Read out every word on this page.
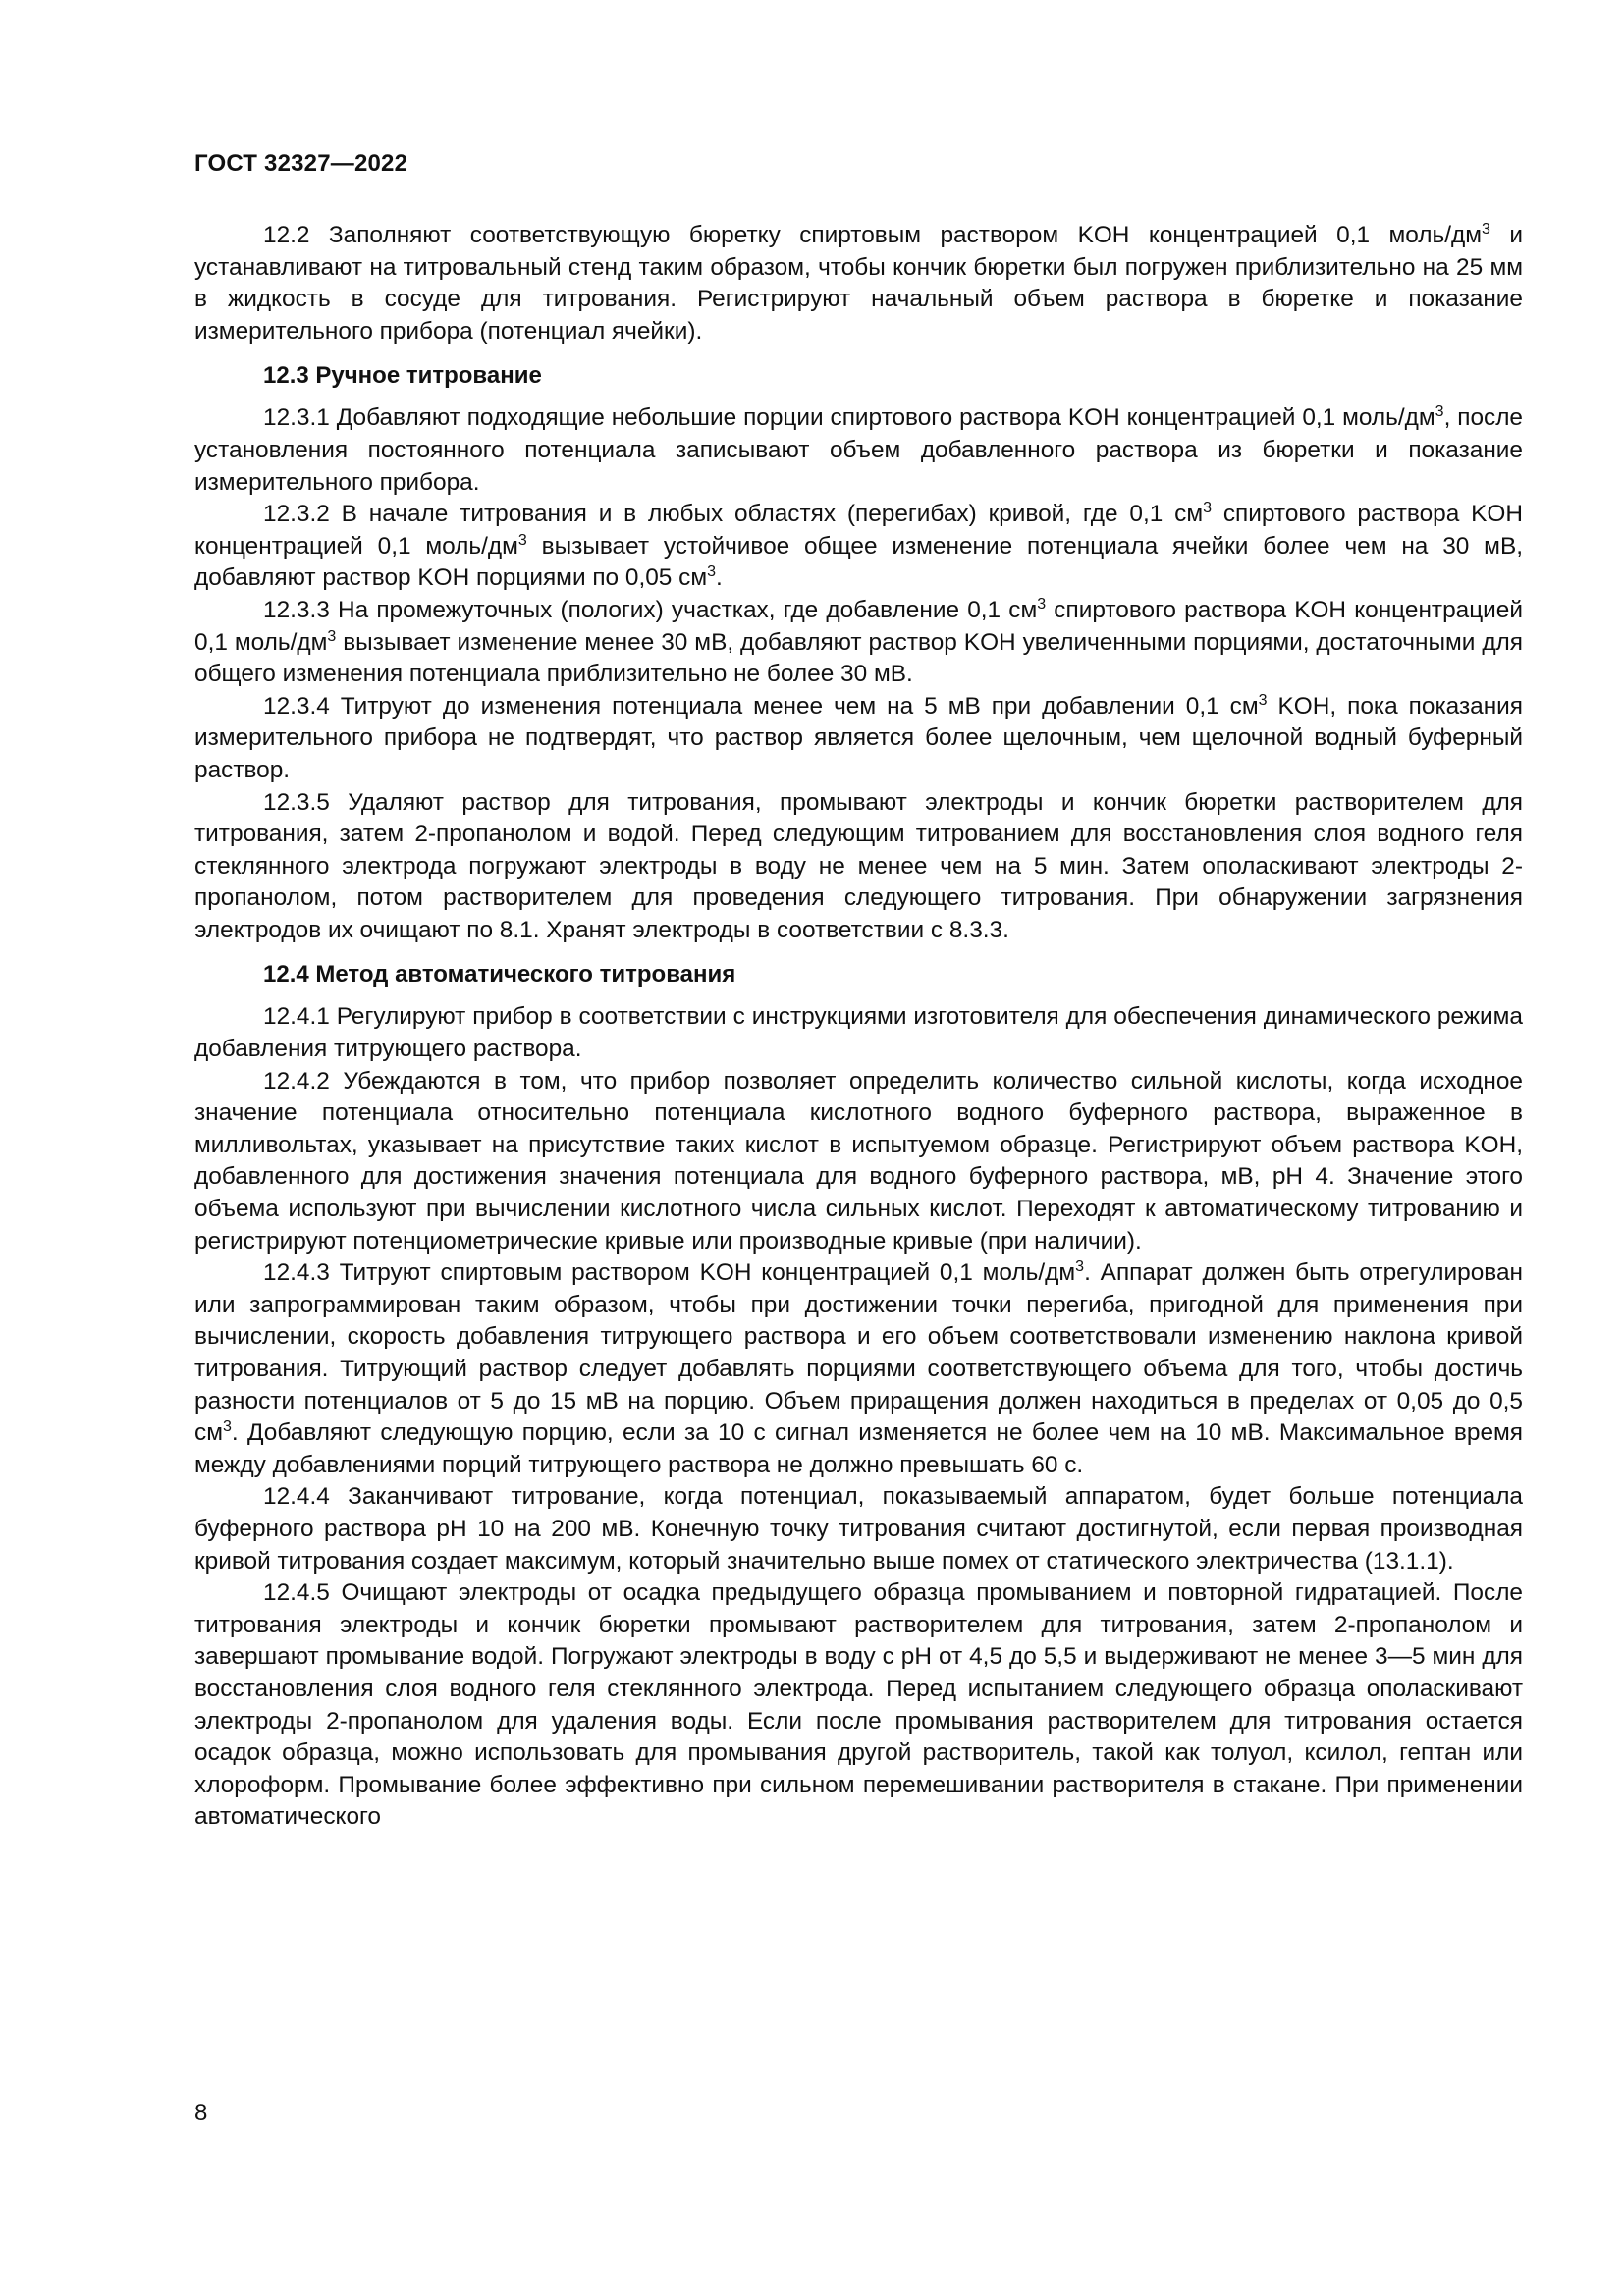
ГОСТ 32327—2022

12.2 Заполняют соответствующую бюретку спиртовым раствором KOH концентрацией 0,1 моль/$дм^3$ и устанавливают на титровальный стенд таким образом, чтобы кончик бюретки был погружен приблизительно на 25 мм в жидкость в сосуде для титрования. Регистрируют начальный объем раствора в бюретке и показание измерительного прибора (потенциал ячейки).

12.3 Ручное титрование

12.3.1 Добавляют подходящие небольшие порции спиртового раствора KOH концентрацией 0,1 моль/$дм^3$, после установления постоянного потенциала записывают объем добавленного раствора из бюретки и показание измерительного прибора.

12.3.2 В начале титрования и в любых областях (перегибах) кривой, где 0,1 $см^3$ спиртового раствора KOH концентрацией 0,1 моль/$дм^3$ вызывает устойчивое общее изменение потенциала ячейки более чем на 30 мВ, добавляют раствор KOH порциями по 0,05 $см^3$.

12.3.3 На промежуточных (пологих) участках, где добавление 0,1 $см^3$ спиртового раствора KOH концентрацией 0,1 моль/$дм^3$ вызывает изменение менее 30 мВ, добавляют раствор KOH увеличенными порциями, достаточными для общего изменения потенциала приблизительно не более 30 мВ.

12.3.4 Титруют до изменения потенциала менее чем на 5 мВ при добавлении 0,1 $см^3$ KOH, пока показания измерительного прибора не подтвердят, что раствор является более щелочным, чем щелочной водный буферный раствор.

12.3.5 Удаляют раствор для титрования, промывают электроды и кончик бюретки растворителем для титрования, затем 2-пропанолом и водой. Перед следующим титрованием для восстановления слоя водного геля стеклянного электрода погружают электроды в воду не менее чем на 5 мин. Затем ополаскивают электроды 2-пропанолом, потом растворителем для проведения следующего титрования. При обнаружении загрязнения электродов их очищают по 8.1. Хранят электроды в соответствии с 8.3.3.

12.4 Метод автоматического титрования

12.4.1 Регулируют прибор в соответствии с инструкциями изготовителя для обеспечения динамического режима добавления титрующего раствора.

12.4.2 Убеждаются в том, что прибор позволяет определить количество сильной кислоты, когда исходное значение потенциала относительно потенциала кислотного водного буферного раствора, выраженное в милливольтах, указывает на присутствие таких кислот в испытуемом образце. Регистрируют объем раствора KOH, добавленного для достижения значения потенциала для водного буферного раствора, мВ, pH 4. Значение этого объема используют при вычислении кислотного числа сильных кислот. Переходят к автоматическому титрованию и регистрируют потенциометрические кривые или производные кривые (при наличии).

12.4.3 Титруют спиртовым раствором KOH концентрацией 0,1 моль/$дм^3$. Аппарат должен быть отрегулирован или запрограммирован таким образом, чтобы при достижении точки перегиба, пригодной для применения при вычислении, скорость добавления титрующего раствора и его объем соответствовали изменению наклона кривой титрования. Титрующий раствор следует добавлять порциями соответствующего объема для того, чтобы достичь разности потенциалов от 5 до 15 мВ на порцию. Объем приращения должен находиться в пределах от 0,05 до 0,5 $см^3$. Добавляют следующую порцию, если за 10 с сигнал изменяется не более чем на 10 мВ. Максимальное время между добавлениями порций титрующего раствора не должно превышать 60 с.

12.4.4 Заканчивают титрование, когда потенциал, показываемый аппаратом, будет больше потенциала буферного раствора pH 10 на 200 мВ. Конечную точку титрования считают достигнутой, если первая производная кривой титрования создает максимум, который значительно выше помех от статического электричества (13.1.1).

12.4.5 Очищают электроды от осадка предыдущего образца промыванием и повторной гидратацией. После титрования электроды и кончик бюретки промывают растворителем для титрования, затем 2-пропанолом и завершают промывание водой. Погружают электроды в воду с pH от 4,5 до 5,5 и выдерживают не менее 3—5 мин для восстановления слоя водного геля стеклянного электрода. Перед испытанием следующего образца ополаскивают электроды 2-пропанолом для удаления воды. Если после промывания растворителем для титрования остается осадок образца, можно использовать для промывания другой растворитель, такой как толуол, ксилол, гептан или хлороформ. Промывание более эффективно при сильном перемешивании растворителя в стакане. При применении автоматического

8
